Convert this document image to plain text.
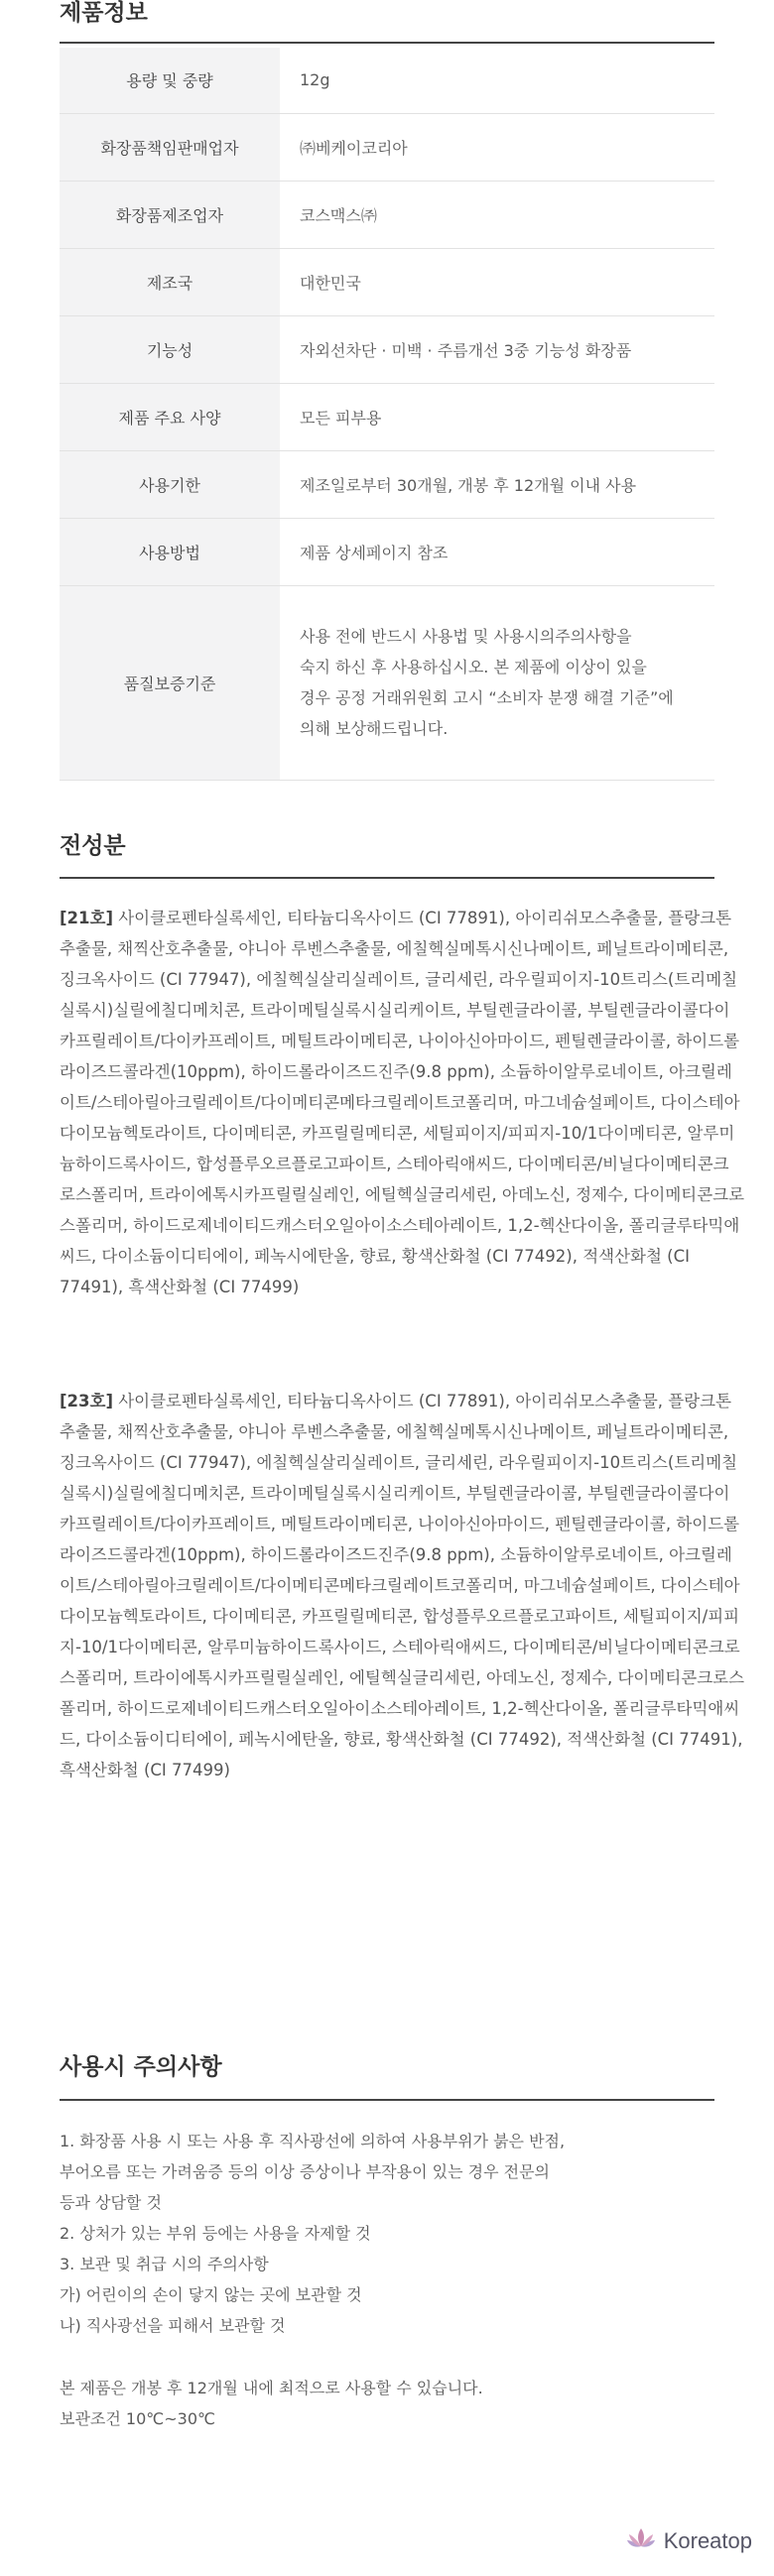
제품정보
용량 및 중량	12g
화장품책임판매업자	㈜베케이코리아
화장품제조업자	코스맥스㈜
제조국	대한민국
기능성	자외선차단 · 미백 · 주름개선 3중 기능성 화장품
제품 주요 사양	모든 피부용
사용기한	제조일로부터 30개월, 개봉 후 12개월 이내 사용
사용방법	제품 상세페이지 참조
품질보증기준	사용 전에 반드시 사용법 및 사용시의주의사항을
숙지 하신 후 사용하십시오. 본 제품에 이상이 있을
경우 공정 거래위원회 고시 “소비자 분쟁 해결 기준”에
의해 보상해드립니다.
전성분
[21호] 사이클로펜타실록세인, 티타늄디옥사이드 (CI 77891), 아이리쉬모스추출물, 플랑크톤추출물, 채찍산호추출물, 야니아 루벤스추출물, 에칠헥실메톡시신나메이트, 페닐트라이메티콘, 징크옥사이드 (CI 77947), 에칠헥실살리실레이트, 글리세린, 라우릴피이지-10트리스(트리메칠실록시)실릴에칠디메치콘, 트라이메틸실록시실리케이트, 부틸렌글라이콜, 부틸렌글라이콜다이카프릴레이트/다이카프레이트, 메틸트라이메티콘, 나이아신아마이드, 펜틸렌글라이콜, 하이드롤라이즈드콜라겐(10ppm), 하이드롤라이즈드진주(9.8 ppm), 소듐하이알루로네이트, 아크릴레이트/스테아릴아크릴레이트/다이메티콘메타크릴레이트코폴리머, 마그네슘설페이트, 다이스테아다이모늄헥토라이트, 다이메티콘, 카프릴릴메티콘, 세틸피이지/피피지-10/1다이메티콘, 알루미늄하이드록사이드, 합성플루오르플로고파이트, 스테아릭애씨드, 다이메티콘/비닐다이메티콘크로스폴리머, 트라이에톡시카프릴릴실레인, 에틸헥실글리세린, 아데노신, 정제수, 다이메티콘크로스폴리머, 하이드로제네이티드캐스터오일아이소스테아레이트, 1,2-헥산다이올, 폴리글루타믹애씨드, 다이소듐이디티에이, 페녹시에탄올, 향료, 황색산화철 (CI 77492), 적색산화철 (CI 77491), 흑색산화철 (CI 77499)
[23호] 사이클로펜타실록세인, 티타늄디옥사이드 (CI 77891), 아이리쉬모스추출물, 플랑크톤추출물, 채찍산호추출물, 야니아 루벤스추출물, 에칠헥실메톡시신나메이트, 페닐트라이메티콘, 징크옥사이드 (CI 77947), 에칠헥실살리실레이트, 글리세린, 라우릴피이지-10트리스(트리메칠실록시)실릴에칠디메치콘, 트라이메틸실록시실리케이트, 부틸렌글라이콜, 부틸렌글라이콜다이카프릴레이트/다이카프레이트, 메틸트라이메티콘, 나이아신아마이드, 펜틸렌글라이콜, 하이드롤라이즈드콜라겐(10ppm), 하이드롤라이즈드진주(9.8 ppm), 소듐하이알루로네이트, 아크릴레이트/스테아릴아크릴레이트/다이메티콘메타크릴레이트코폴리머, 마그네슘설페이트, 다이스테아다이모늄헥토라이트, 다이메티콘, 카프릴릴메티콘, 합성플루오르플로고파이트, 세틸피이지/피피지-10/1다이메티콘, 알루미늄하이드록사이드, 스테아릭애씨드, 다이메티콘/비닐다이메티콘크로스폴리머, 트라이에톡시카프릴릴실레인, 에틸헥실글리세린, 아데노신, 정제수, 다이메티콘크로스폴리머, 하이드로제네이티드캐스터오일아이소스테아레이트, 1,2-헥산다이올, 폴리글루타믹애씨드, 다이소듐이디티에이, 페녹시에탄올, 향료, 황색산화철 (CI 77492), 적색산화철 (CI 77491), 흑색산화철 (CI 77499)
사용시 주의사항
1. 화장품 사용 시 또는 사용 후 직사광선에 의하여 사용부위가 붉은 반점,
부어오름 또는 가려움증 등의 이상 증상이나 부작용이 있는 경우 전문의
등과 상담할 것
2. 상처가 있는 부위 등에는 사용을 자제할 것
3. 보관 및 취급 시의 주의사항
가) 어린이의 손이 닿지 않는 곳에 보관할 것
나) 직사광선을 피해서 보관할 것
본 제품은 개봉 후 12개월 내에 최적으로 사용할 수 있습니다.
보관조건 10℃~30℃
Koreatop
